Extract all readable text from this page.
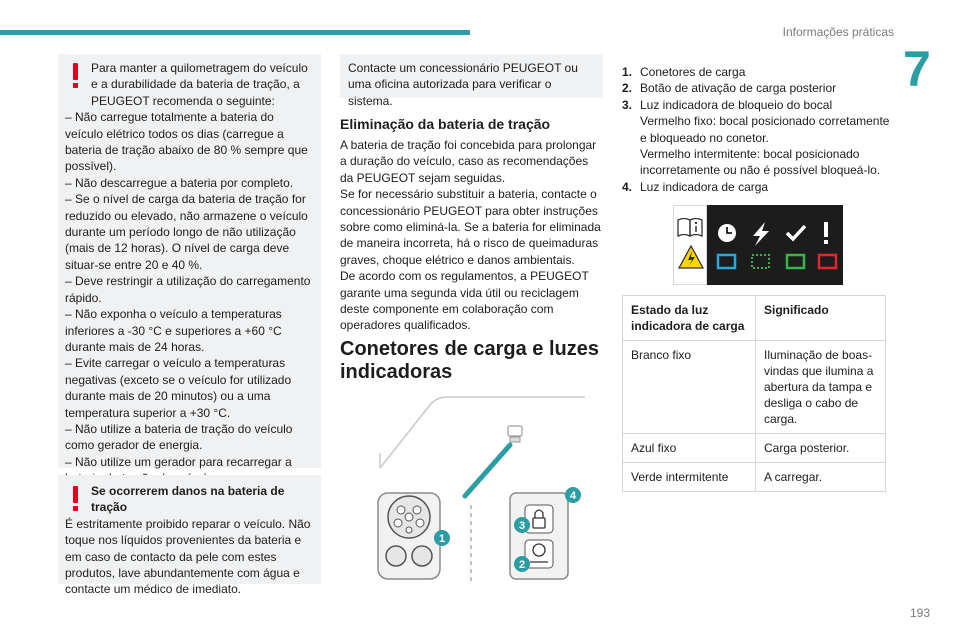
Informações práticas
7
193

Para manter a quilometragem do veículo e a durabilidade da bateria de tração, a PEUGEOT recomenda o seguinte:

– Não carregue totalmente a bateria do veículo elétrico todos os dias (carregue a bateria de tração abaixo de 80 % sempre que possível).

– Não descarregue a bateria por completo.

– Se o nível de carga da bateria de tração for reduzido ou elevado, não armazene o veículo durante um período longo de não utilização (mais de 12 horas). O nível de carga deve situar-se entre 20 e 40 %.

– Deve restringir a utilização do carregamento rápido.

– Não exponha o veículo a temperaturas inferiores a -30 °C e superiores a +60 °C durante mais de 24 horas.

– Evite carregar o veículo a temperaturas negativas (exceto se o veículo for utilizado durante mais de 20 minutos) ou a uma temperatura superior a +30 °C.

– Não utilize a bateria de tração do veículo como gerador de energia.

– Não utilize um gerador para recarregar a

Se ocorrerem danos na bateria de tração

É estritamente proibido reparar o veículo. Não toque nos líquidos provenientes da bateria e em caso de contacto da pele com estes produtos, lave abundantemente com água e contacte um médico de imediato.

Contacte um concessionário PEUGEOT ou uma oficina autorizada para verificar o sistema.

Eliminação da bateria de tração

A bateria de tração foi concebida para prolongar a duração do veículo, caso as recomendações da PEUGEOT sejam seguidas.

Se for necessário substituir a bateria, contacte o concessionário PEUGEOT para obter instruções sobre como eliminá-la. Se a bateria for eliminada de maneira incorreta, há o risco de queimaduras graves, choque elétrico e danos ambientais.

De acordo com os regulamentos, a PEUGEOT garante uma segunda vida útil ou reciclagem deste componente em colaboração com operadores qualificados.

Conetores de carga e luzes indicadoras
1
2
3
4
1. Conetores de carga

2. Botão de ativação de carga posterior

3. Luz indicadora de bloqueio do bocal

Vermelho fixo: bocal posicionado corretamente e bloqueado no conetor.

Vermelho intermitente: bocal posicionado incorretamente ou não é possível bloqueá-lo.

4. Luz indicadora de carga

Estado da luz indicadora de carga	Significado
Branco fixo	Iluminação de boas-vindas que ilumina a abertura da tampa e desliga o cabo de carga.
Azul fixo	Carga posterior.
Verde intermitente	A carregar.
